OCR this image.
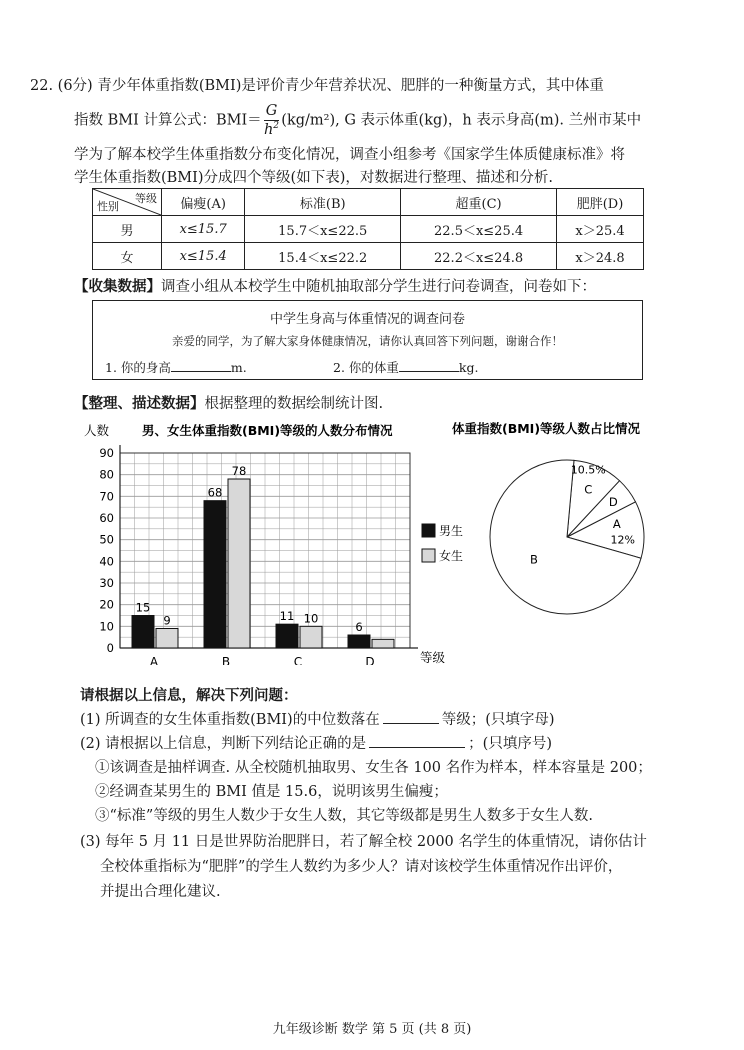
22. (6分) 青少年体重指数(BMI)是评价青少年营养状况、肥胖的一种衡量方式，其中体重
指数 BMI 计算公式：$BMI= \frac{G}{h^2} (kg/m^2)$, G 表示体重(kg)，h 表示身高(m). 兰州市某中
学为了解本校学生体重指数分布变化情况，调查小组参考《国家学生体质健康标准》将
学生体重指数(BMI)分成四个等级(如下表)，对数据进行整理、描述和分析.
等级
性别	偏瘦(A)	标准(B)	超重(C)	肥胖(D)
男	x≤15.7	15.7＜x≤22.5	22.5＜x≤25.4	x＞25.4
女	x≤15.4	15.4＜x≤22.2	22.2＜x≤24.8	x＞24.8
【收集数据】调查小组从本校学生中随机抽取部分学生进行问卷调查，问卷如下：
中学生身高与体重情况的调查问卷
亲爱的同学，为了解大家身体健康情况，请你认真回答下列问题，谢谢合作！
1. 你的身高	m.	2. 你的体重	kg.
【整理、描述数据】根据整理的数据绘制统计图.
人数	男、女生体重指数(BMI)等级的人数分布情况
0
10
20
30
40
50
60
70
80
90
15
9
A
68
78
B
11 10
C
6
D	等级
男生
女生
体重指数(BMI)等级人数占比情况
A
12%
D
C
10.5%
B
请根据以上信息，解决下列问题：
(1) 所调查的女生体重指数(BMI)的中位数落在	等级；(只填字母)
(2) 请根据以上信息，判断下列结论正确的是	；(只填序号)
①该调查是抽样调查. 从全校随机抽取男、女生各 100 名作为样本，样本容量是 200；
②经调查某男生的 BMI 值是 15.6，说明该男生偏瘦；
③“标准”等级的男生人数少于女生人数，其它等级都是男生人数多于女生人数.
(3) 每年 5 月 11 日是世界防治肥胖日，若了解全校 2000 名学生的体重情况，请你估计
全校体重指标为“肥胖”的学生人数约为多少人？请对该校学生体重情况作出评价，
并提出合理化建议.
九年级诊断 数学 第 5 页 (共 8 页)
